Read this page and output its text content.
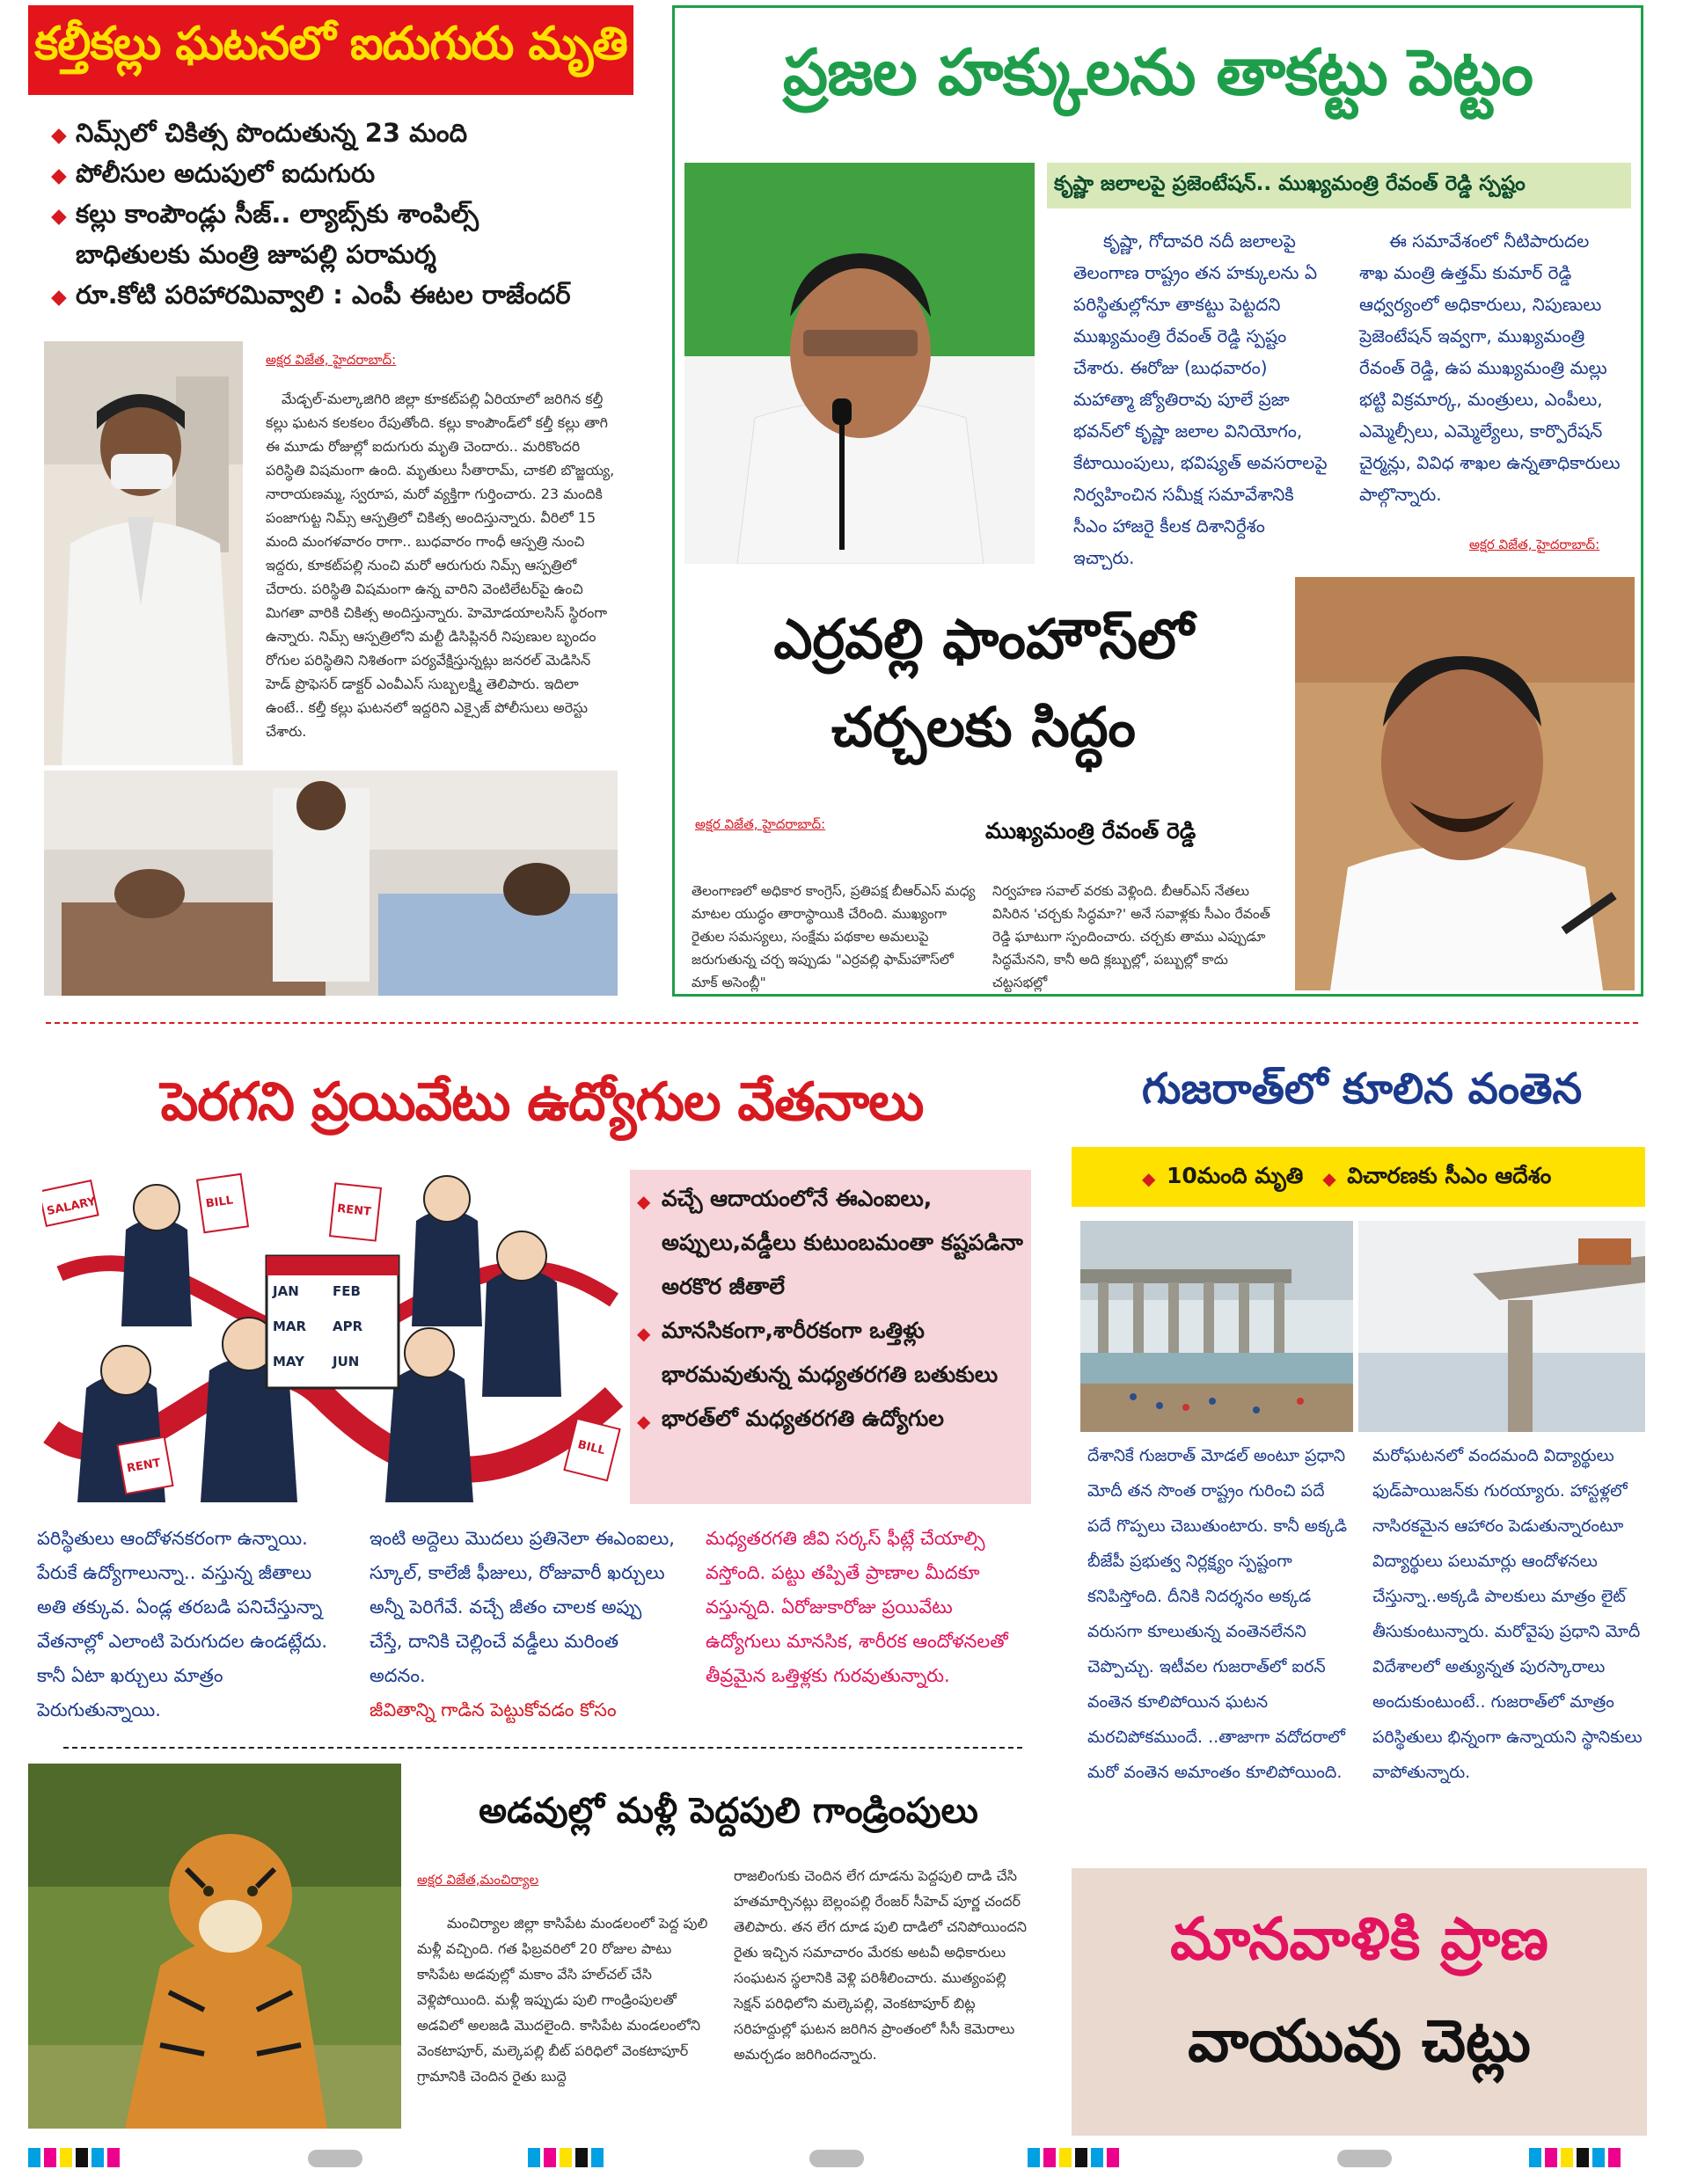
కల్తీకల్లు ఘటనలో ఐదుగురు మృతి
◆ నిమ్స్‌లో చికిత్స పొందుతున్న 23 మంది
◆ పోలీసుల అదుపులో ఐదుగురు
◆ కల్లు కాంపౌండ్లు సీజ్.. ల్యాబ్స్‌కు శాంపిల్స్
బాధితులకు మంత్రి జూపల్లి పరామర్శ
◆ రూ.కోటి పరిహారమివ్వాలి : ఎంపీ ఈటల రాజేందర్
అక్షర విజేత, హైదరాబాద్:

మేడ్చల్-మల్కాజిగిరి జిల్లా కూకట్‌పల్లి ఏరియాలో జరిగిన కల్తీ కల్లు ఘటన కలకలం రేపుతోంది. కల్లు కాంపౌండ్‌లో కల్తీ కల్లు తాగి ఈ మూడు రోజుల్లో ఐదుగురు మృతి చెందారు.. మరికొందరి పరిస్థితి విషమంగా ఉంది. మృతులు సీతారామ్, చాకలి బొజ్జయ్య, నారాయణమ్మ, స్వరూప, మరో వ్యక్తిగా గుర్తించారు. 23 మందికి పంజాగుట్ట నిమ్స్ ఆస్పత్రిలో చికిత్స అందిస్తున్నారు. వీరిలో 15 మంది మంగళవారం రాగా.. బుధవారం గాంధీ ఆస్పత్రి నుంచి ఇద్దరు, కూకట్‌పల్లి నుంచి మరో ఆరుగురు నిమ్స్ ఆస్పత్రిలో చేరారు. పరిస్థితి విషమంగా ఉన్న వారిని వెంటిలేటర్‌పై ఉంచి మిగతా వారికి చికిత్స అందిస్తున్నారు. హెమోడయాలసిస్ స్థిరంగా ఉన్నారు. నిమ్స్ ఆస్పత్రిలోని మల్టీ డిసిప్లినరీ నిపుణుల బృందం రోగుల పరిస్థితిని నిశితంగా పర్యవేక్షిస్తున్నట్లు జనరల్ మెడిసిన్ హెడ్ ప్రొఫెసర్ డాక్టర్ ఎంవీఎస్ సుబ్బలక్ష్మి తెలిపారు. ఇదిలా ఉంటే.. కల్తీ కల్లు ఘటనలో ఇద్దరిని ఎక్సైజ్ పోలీసులు అరెస్టు చేశారు.

ప్రజల హక్కులను తాకట్టు పెట్టం
కృష్ణా జలాలపై ప్రజెంటేషన్.. ముఖ్యమంత్రి రేవంత్ రెడ్డి స్పష్టం

కృష్ణా, గోదావరి నదీ జలాలపై తెలంగాణ రాష్ట్రం తన హక్కులను ఏ పరిస్థితుల్లోనూ తాకట్టు పెట్టదని ముఖ్యమంత్రి రేవంత్ రెడ్డి స్పష్టం చేశారు. ఈరోజు (బుధవారం) మహాత్మా జ్యోతిరావు పూలే ప్రజా భవన్‌లో కృష్ణా జలాల వినియోగం, కేటాయింపులు, భవిష్యత్ అవసరాలపై నిర్వహించిన సమీక్ష సమావేశానికి సీఎం హాజరై కీలక దిశానిర్దేశం ఇచ్చారు.

ఈ సమావేశంలో నీటిపారుదల శాఖ మంత్రి ఉత్తమ్ కుమార్ రెడ్డి ఆధ్వర్యంలో అధికారులు, నిపుణులు ప్రెజెంటేషన్ ఇవ్వగా, ముఖ్యమంత్రి రేవంత్ రెడ్డి, ఉప ముఖ్యమంత్రి మల్లు భట్టి విక్రమార్క, మంత్రులు, ఎంపీలు, ఎమ్మెల్సీలు, ఎమ్మెల్యేలు, కార్పొరేషన్ చైర్మన్లు, వివిధ శాఖల ఉన్నతాధికారులు పాల్గొన్నారు.

అక్షర విజేత, హైదరాబాద్:
ఎర్రవల్లి ఫాంహౌస్‌లో
చర్చలకు సిద్ధం
అక్షర విజేత, హైదరాబాద్:	ముఖ్యమంత్రి రేవంత్ రెడ్డి

తెలంగాణలో అధికార కాంగ్రెస్, ప్రతిపక్ష బీఆర్ఎస్ మధ్య మాటల యుద్ధం తారాస్థాయికి చేరింది. ముఖ్యంగా రైతుల సమస్యలు, సంక్షేమ పథకాల అమలుపై జరుగుతున్న చర్చ ఇప్పుడు "ఎర్రవల్లి ఫామ్‌హౌస్‌లో మాక్ అసెంబ్లీ"

నిర్వహణ సవాల్ వరకు వెళ్లింది. బీఆర్ఎస్ నేతలు విసిరిన 'చర్చకు సిద్ధమా?' అనే సవాళ్లకు సీఎం రేవంత్ రెడ్డి ఘాటుగా స్పందించారు. చర్చకు తాము ఎప్పుడూ సిద్ధమేనని, కానీ అది క్లబ్బుల్లో, పబ్బుల్లో కాదు చట్టసభల్లో

పెరగని ప్రయివేటు ఉద్యోగుల వేతనాలు
JAN	FEB
MAR APR
MAY JUN
JUL
SALARY
BILL
BILL	RENT
RENT
◆ వచ్చే ఆదాయంలోనే ఈఎంఐలు, అప్పులు,వడ్డీలు కుటుంబమంతా కష్టపడినా అరకొర జీతాలే
◆ మానసికంగా,శారీరకంగా ఒత్తిళ్లు భారమవుతున్న మధ్యతరగతి బతుకులు
◆ భారత్‌లో మధ్యతరగతి ఉద్యోగుల

పరిస్థితులు ఆందోళనకరంగా ఉన్నాయి. పేరుకే ఉద్యోగాలున్నా.. వస్తున్న జీతాలు అతి తక్కువ. ఏండ్ల తరబడి పనిచేస్తున్నా వేతనాల్లో ఎలాంటి పెరుగుదల ఉండట్లేదు. కానీ ఏటా ఖర్చులు మాత్రం పెరుగుతున్నాయి.

ఇంటి అద్దెలు మొదలు ప్రతినెలా ఈఎంఐలు, స్కూల్, కాలేజీ ఫీజులు, రోజువారీ ఖర్చులు అన్నీ పెరిగేవే. వచ్చే జీతం చాలక అప్పు చేస్తే, దానికి చెల్లించే వడ్డీలు మరింత అదనం.

జీవితాన్ని గాడిన పెట్టుకోవడం కోసం

మధ్యతరగతి జీవి సర్కస్ ఫీట్లే చేయాల్సి వస్తోంది. పట్టు తప్పితే ప్రాణాల మీదకూ వస్తున్నది. ఏరోజుకారోజు ప్రయివేటు ఉద్యోగులు మానసిక, శారీరక ఆందోళనలతో తీవ్రమైన ఒత్తిళ్లకు గురవుతున్నారు.

గుజరాత్‌లో కూలిన వంతెన
◆ 10మంది మృతి
◆	విచారణకు సీఎం ఆదేశం

దేశానికే గుజరాత్ మోడల్ అంటూ ప్రధాని మోదీ తన సొంత రాష్ట్రం గురించి పదే పదే గొప్పలు చెబుతుంటారు. కానీ అక్కడి బీజేపీ ప్రభుత్వ నిర్లక్ష్యం స్పష్టంగా కనిపిస్తోంది. దీనికి నిదర్శనం అక్కడ వరుసగా కూలుతున్న వంతెనలేనని చెప్పొచ్చు. ఇటీవల గుజరాత్‌లో ఐరన్ వంతెన కూలిపోయిన ఘటన మరచిపోకముందే. ..తాజాగా వదోదరాలో మరో వంతెన అమాంతం కూలిపోయింది.

మరోఘటనలో వందమంది విద్యార్థులు ఫుడ్‌పాయిజన్‌కు గురయ్యారు. హాస్టళ్లలో నాసిరకమైన ఆహారం పెడుతున్నారంటూ విద్యార్థులు పలుమార్లు ఆందోళనలు చేస్తున్నా..అక్కడి పాలకులు మాత్రం లైట్ తీసుకుంటున్నారు. మరోవైపు ప్రధాని మోదీ విదేశాలలో అత్యున్నత పురస్కారాలు అందుకుంటుంటే.. గుజరాత్‌లో మాత్రం పరిస్థితులు భిన్నంగా ఉన్నాయని స్థానికులు వాపోతున్నారు.

అడవుల్లో మళ్లీ పెద్దపులి గాండ్రింపులు
అక్షర విజేత,మంచిర్యాల

మంచిర్యాల జిల్లా కాసిపేట మండలంలో పెద్ద పులి మళ్లీ వచ్చింది. గత ఫిబ్రవరిలో 20 రోజుల పాటు కాసిపేట అడవుల్లో మకాం వేసి హల్‌చల్ చేసి వెళ్లిపోయింది. మళ్లీ ఇప్పుడు పులి గాండ్రింపులతో అడవిలో అలజడి మొదలైంది. కాసిపేట మండలంలోని వెంకటాపూర్, మల్కెపల్లి బీట్ పరిధిలో వెంకటాపూర్ గ్రామానికి చెందిన రైతు బుద్దె

రాజలింగుకు చెందిన లేగ దూడను పెద్దపులి దాడి చేసి హతమార్చినట్లు బెల్లంపల్లి రేంజర్ సీహెచ్ పూర్ణ చందర్ తెలిపారు. తన లేగ దూడ పులి దాడిలో చనిపోయిందని రైతు ఇచ్చిన సమాచారం మేరకు అటవీ అధికారులు సంఘటన స్థలానికి వెళ్లి పరిశీలించారు. ముత్యంపల్లి సెక్షన్ పరిధిలోని మల్కెపల్లి, వెంకటాపూర్ బిట్ల సరిహద్దుల్లో ఘటన జరిగిన ప్రాంతంలో సీసీ కెమెరాలు అమర్చడం జరిగిందన్నారు.

మానవాళికి ప్రాణ
వాయువు చెట్లు
